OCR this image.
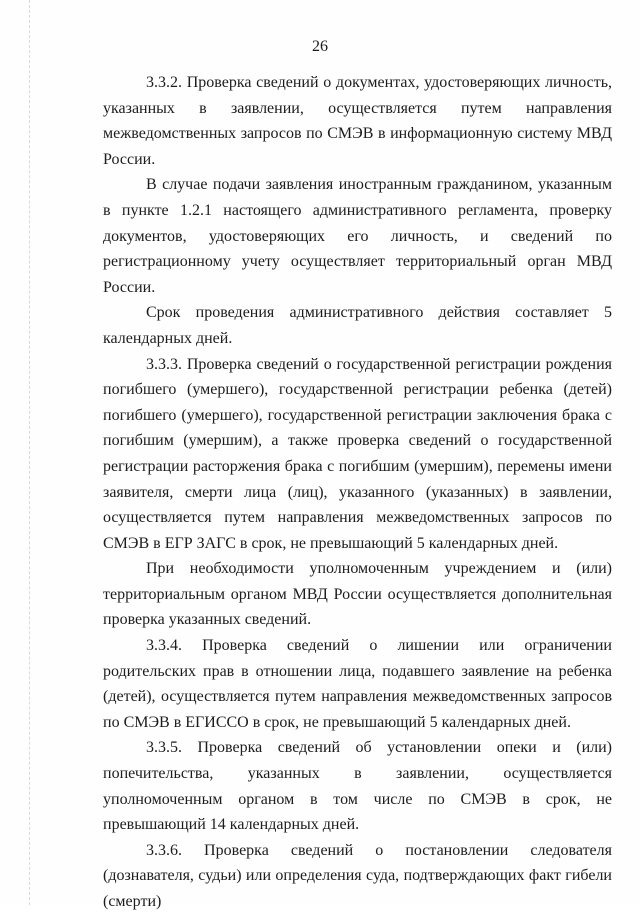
26

3.3.2. Проверка сведений о документах, удостоверяющих личность, указанных в заявлении, осуществляется путем направления межведомственных запросов по СМЭВ в информационную систему МВД России.

В случае подачи заявления иностранным гражданином, указанным в пункте 1.2.1 настоящего административного регламента, проверку документов, удостоверяющих его личность, и сведений по регистрационному учету осуществляет территориальный орган МВД России.

Срок проведения административного действия составляет 5 календарных дней.

3.3.3. Проверка сведений о государственной регистрации рождения погибшего (умершего), государственной регистрации ребенка (детей) погибшего (умершего), государственной регистрации заключения брака с погибшим (умершим), а также проверка сведений о государственной регистрации расторжения брака с погибшим (умершим), перемены имени заявителя, смерти лица (лиц), указанного (указанных) в заявлении, осуществляется путем направления межведомственных запросов по СМЭВ в ЕГР ЗАГС в срок, не превышающий 5 календарных дней.

При необходимости уполномоченным учреждением и (или) территориальным органом МВД России осуществляется дополнительная проверка указанных сведений.

3.3.4. Проверка сведений о лишении или ограничении родительских прав в отношении лица, подавшего заявление на ребенка (детей), осуществляется путем направления межведомственных запросов по СМЭВ в ЕГИССО в срок, не превышающий 5 календарных дней.

3.3.5. Проверка сведений об установлении опеки и (или) попечительства, указанных в заявлении, осуществляется уполномоченным органом в том числе по СМЭВ в срок, не превышающий 14 календарных дней.

3.3.6. Проверка сведений о постановлении следователя (дознавателя, судьи) или определения суда, подтверждающих факт гибели (смерти)
